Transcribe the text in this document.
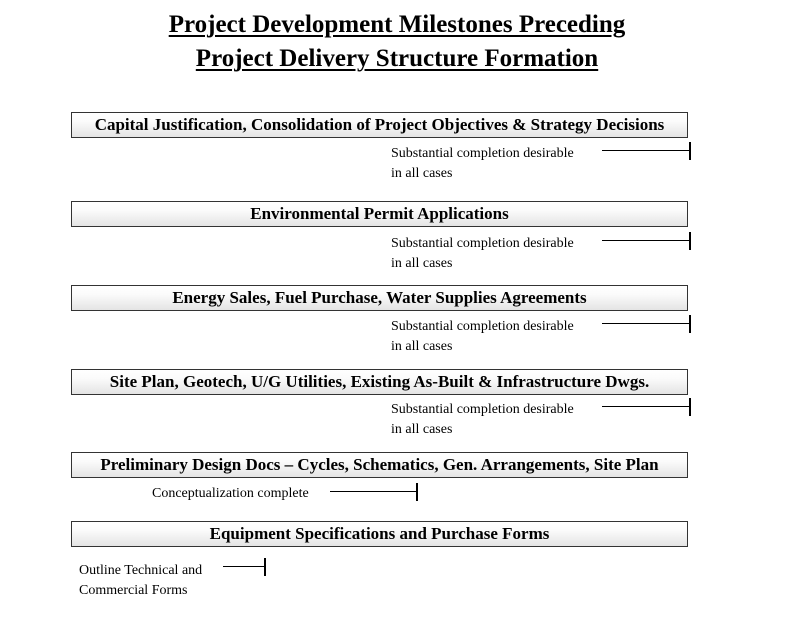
Project Development Milestones Preceding
Project Delivery Structure Formation
Capital Justification, Consolidation of Project Objectives & Strategy Decisions
Substantial completion desirable
in all cases
Environmental Permit Applications
Substantial completion desirable
in all cases
Energy Sales, Fuel Purchase, Water Supplies Agreements
Substantial completion desirable
in all cases
Site Plan, Geotech, U/G Utilities, Existing As-Built & Infrastructure Dwgs.
Substantial completion desirable
in all cases
Preliminary Design Docs – Cycles, Schematics, Gen. Arrangements, Site Plan
Conceptualization complete
Equipment Specifications and Purchase Forms
Outline Technical and
Commercial Forms
